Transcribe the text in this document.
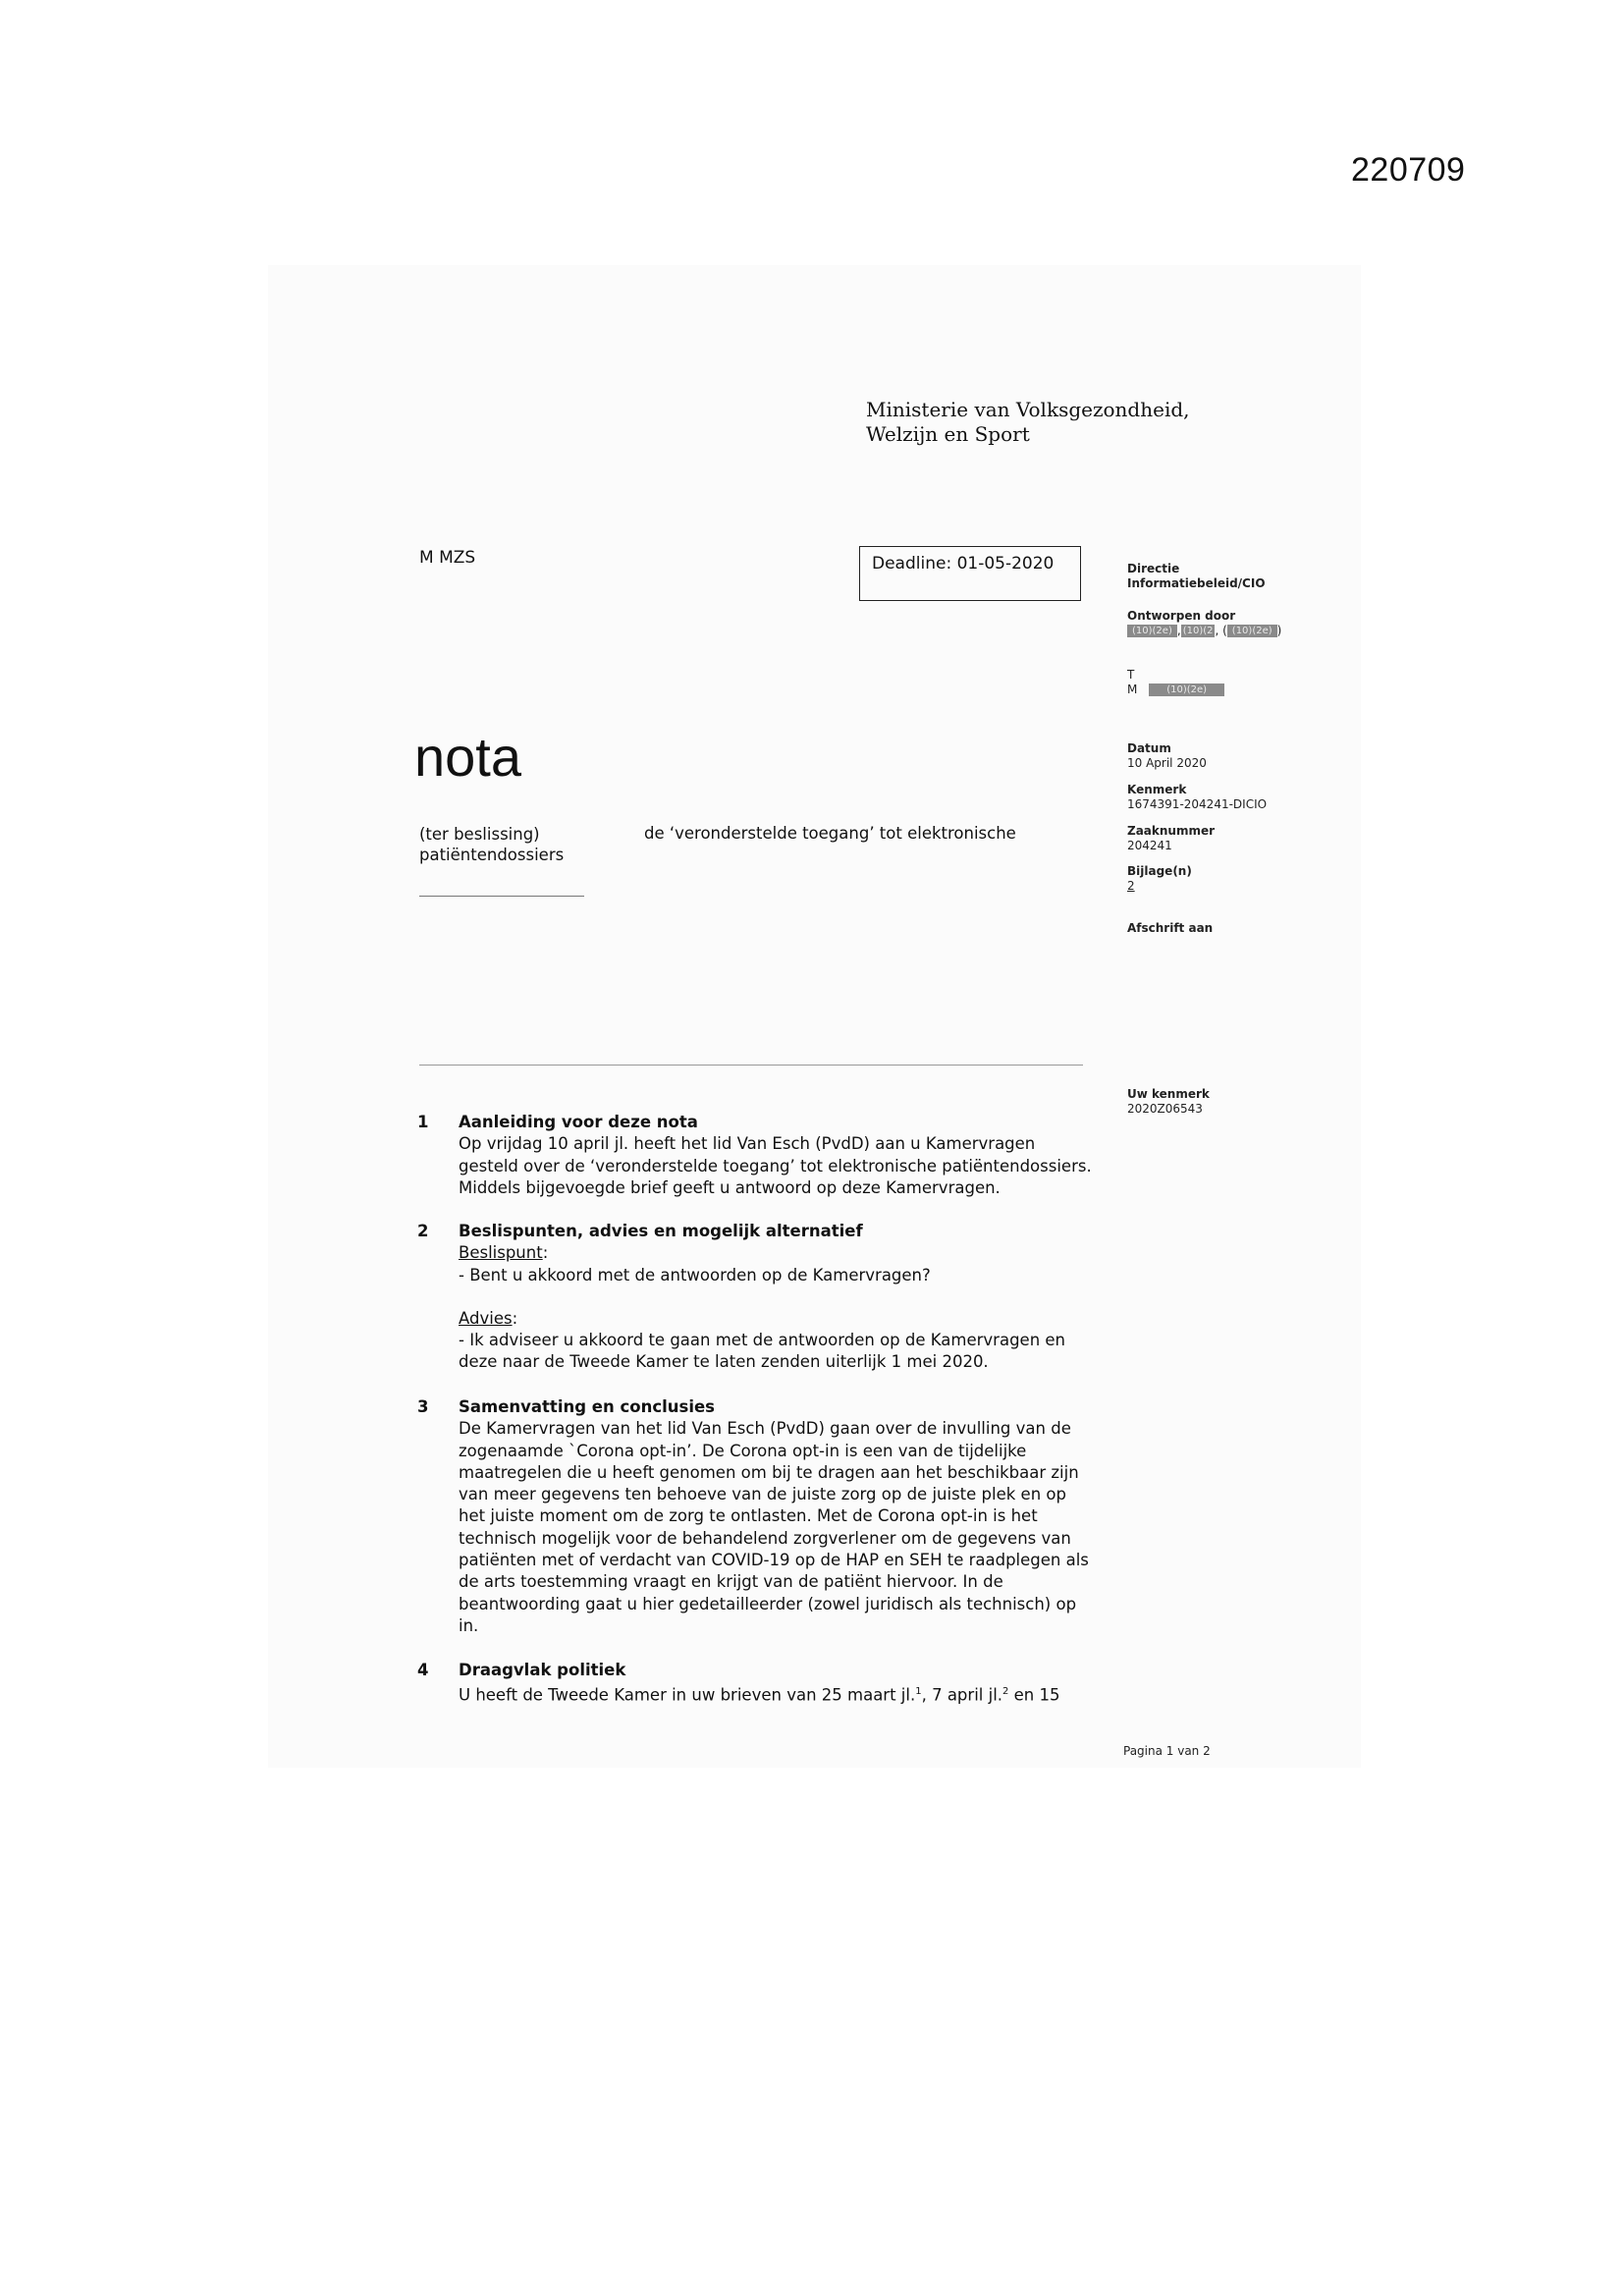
220709
Ministerie van Volksgezondheid,
Welzijn en Sport
M MZS	Deadline: 01-05-2020
nota
(ter beslissing)	de ‘veronderstelde toegang’ tot elektronische
patiëntendossiers
Directie
Informatiebeleid/CIO
Ontworpen door
(10)(2e) , (10)(2 , ( (10)(2e) )
T
M	(10)(2e)
Datum
10 April 2020
Kenmerk
1674391-204241-DICIO
Zaaknummer
204241
Bijlage(n)
2
Afschrift aan
Uw kenmerk
2020Z06543
1 Aanleiding voor deze nota
Op vrijdag 10 april jl. heeft het lid Van Esch (PvdD) aan u Kamervragen
gesteld over de ‘veronderstelde toegang’ tot elektronische patiëntendossiers.
Middels bijgevoegde brief geeft u antwoord op deze Kamervragen.
2 Beslispunten, advies en mogelijk alternatief
Beslispunt:
- Bent u akkoord met de antwoorden op de Kamervragen?
Advies:
- Ik adviseer u akkoord te gaan met de antwoorden op de Kamervragen en
deze naar de Tweede Kamer te laten zenden uiterlijk 1 mei 2020.
3 Samenvatting en conclusies
De Kamervragen van het lid Van Esch (PvdD) gaan over de invulling van de
zogenaamde `Corona opt-in’. De Corona opt-in is een van de tijdelijke
maatregelen die u heeft genomen om bij te dragen aan het beschikbaar zijn
van meer gegevens ten behoeve van de juiste zorg op de juiste plek en op
het juiste moment om de zorg te ontlasten. Met de Corona opt-in is het
technisch mogelijk voor de behandelend zorgverlener om de gegevens van
patiënten met of verdacht van COVID-19 op de HAP en SEH te raadplegen als
de arts toestemming vraagt en krijgt van de patiënt hiervoor. In de
beantwoording gaat u hier gedetailleerder (zowel juridisch als technisch) op
in.
4 Draagvlak politiek
U heeft de Tweede Kamer in uw brieven van 25 maart jl.$^1$, 7 april jl.$^2$ en 15
Pagina 1 van 2
